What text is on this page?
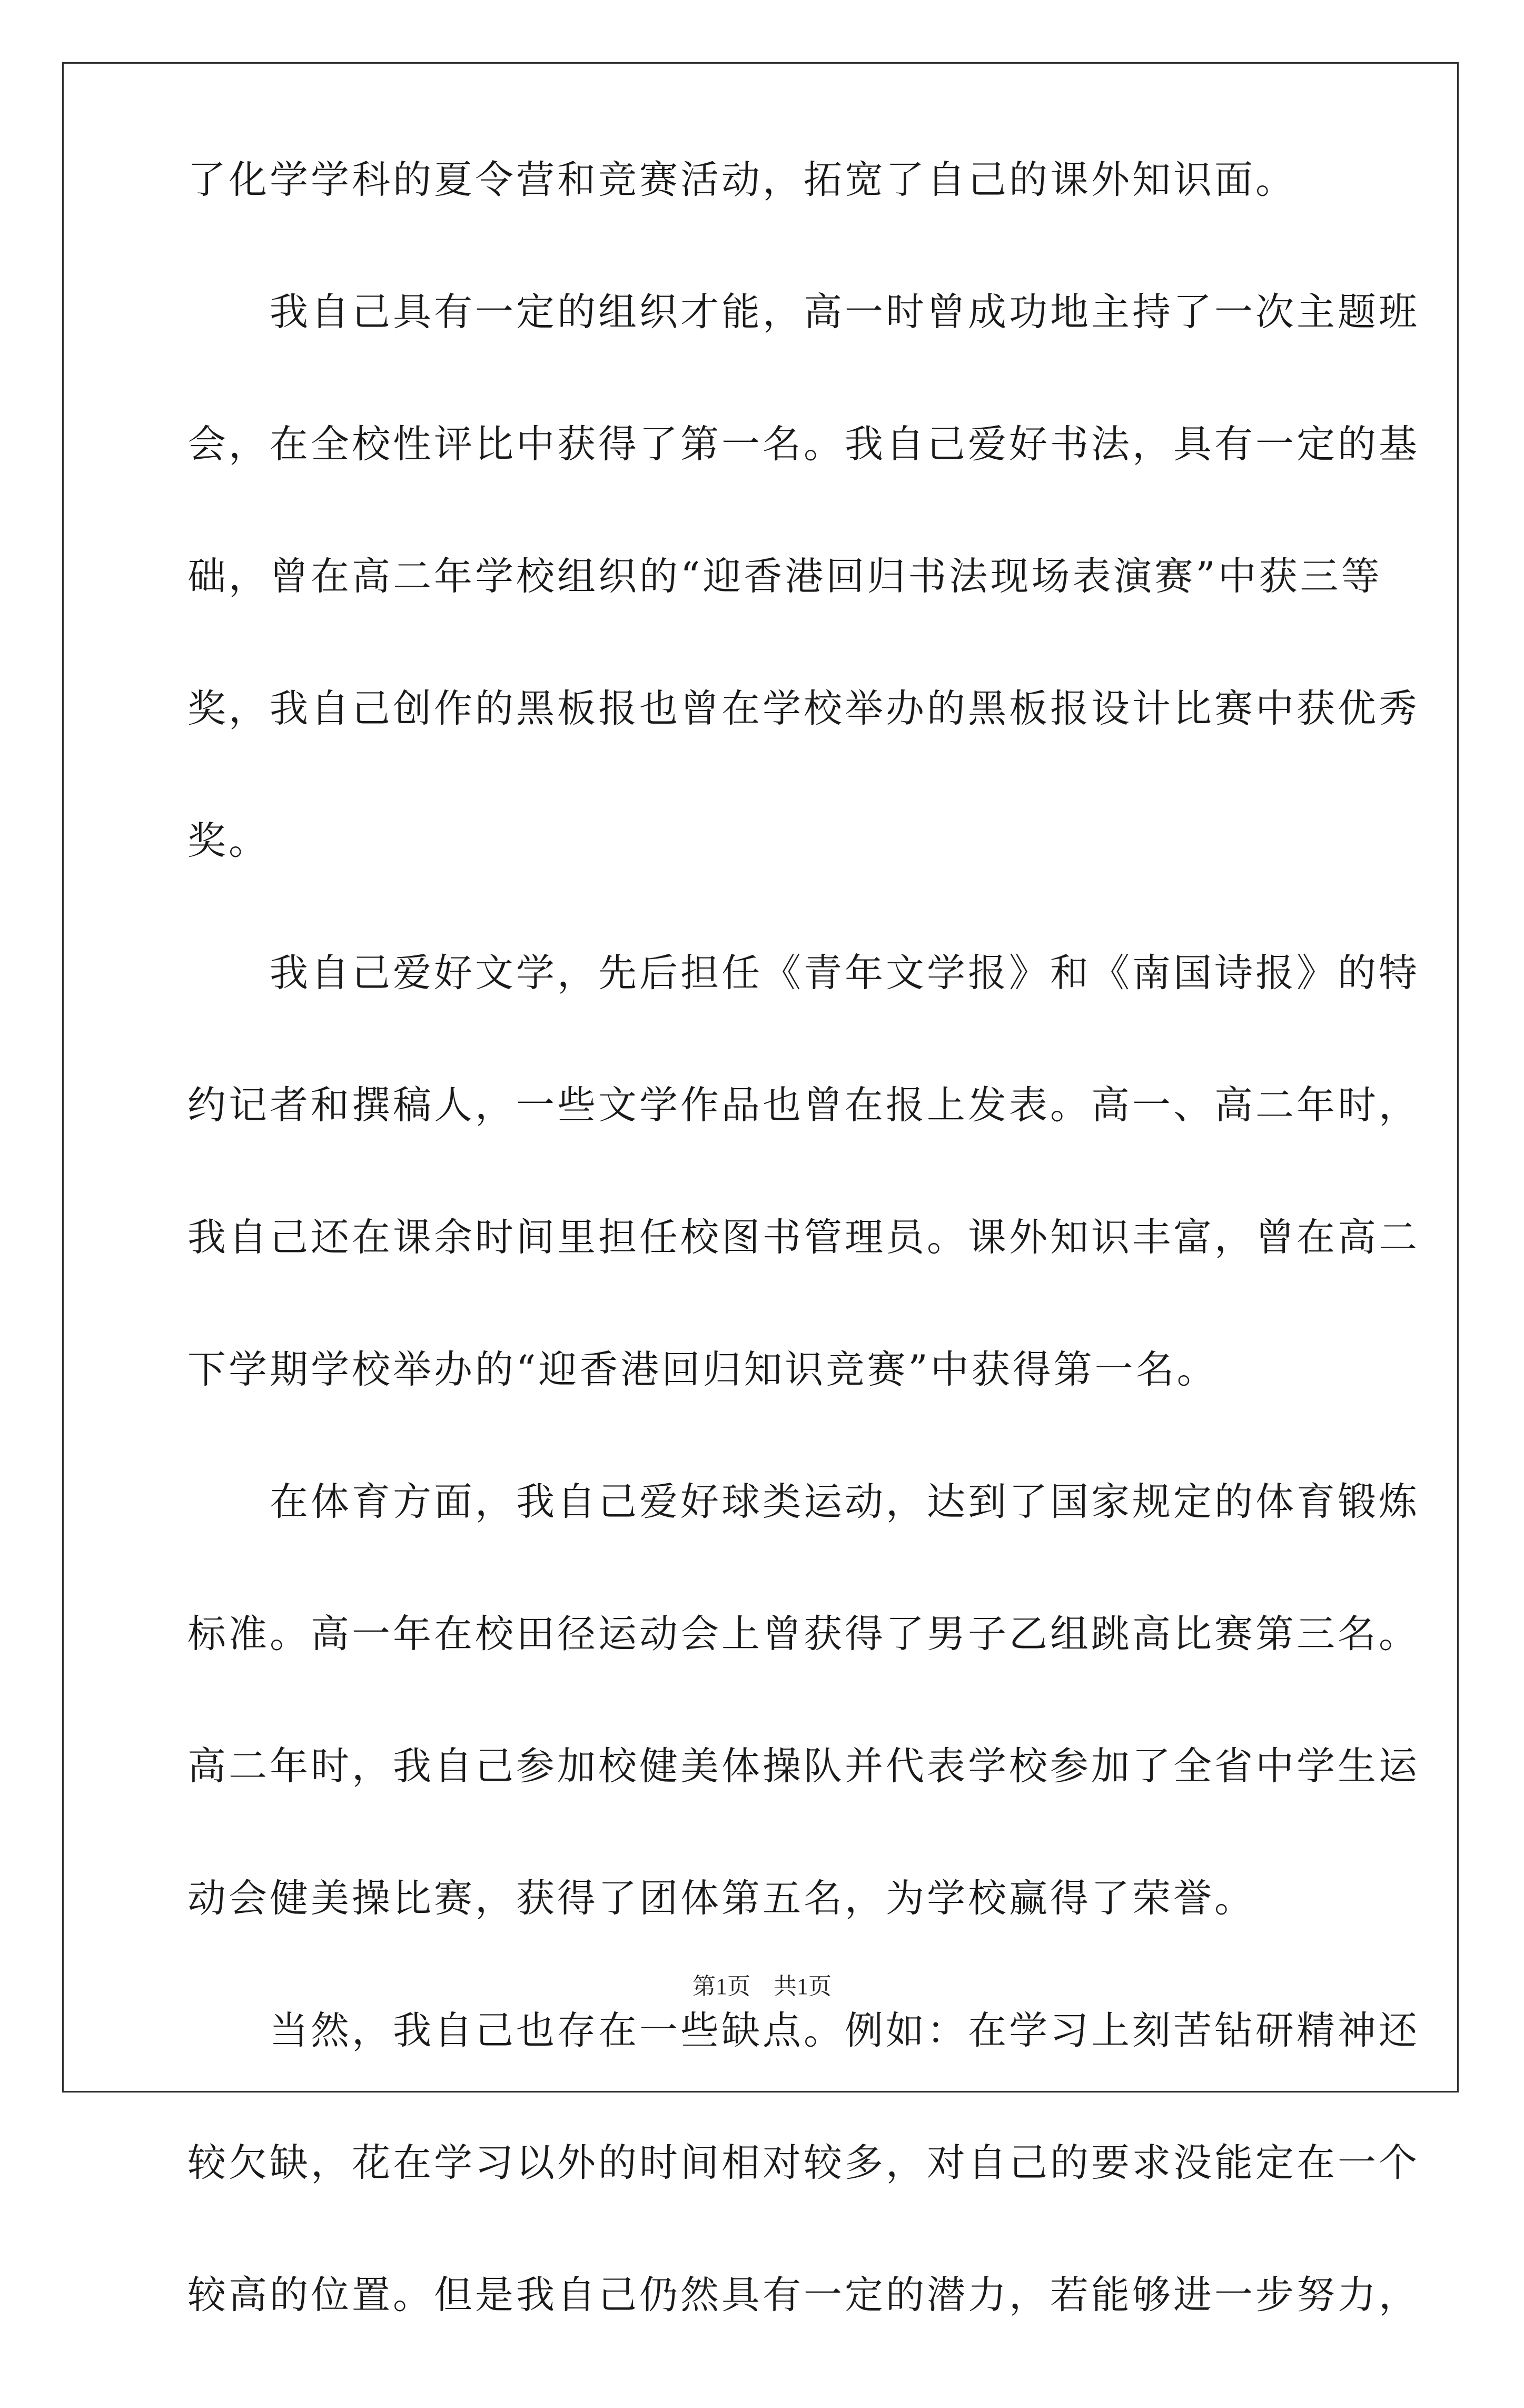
了化学学科的夏令营和竞赛活动，拓宽了自己的课外知识面。
　　我自己具有一定的组织才能，高一时曾成功地主持了一次主题班
会，在全校性评比中获得了第一名。我自己爱好书法，具有一定的基
础，曾在高二年学校组织的“迎香港回归书法现场表演赛”中获三等
奖，我自己创作的黑板报也曾在学校举办的黑板报设计比赛中获优秀
奖。
　　我自己爱好文学，先后担任《青年文学报》和《南国诗报》的特
约记者和撰稿人，一些文学作品也曾在报上发表。高一、高二年时，
我自己还在课余时间里担任校图书管理员。课外知识丰富，曾在高二
下学期学校举办的“迎香港回归知识竞赛”中获得第一名。
　　在体育方面，我自己爱好球类运动，达到了国家规定的体育锻炼
标准。高一年在校田径运动会上曾获得了男子乙组跳高比赛第三名。
高二年时，我自己参加校健美体操队并代表学校参加了全省中学生运
动会健美操比赛，获得了团体第五名，为学校赢得了荣誉。
　　当然，我自己也存在一些缺点。例如：在学习上刻苦钻研精神还
较欠缺，花在学习以外的时间相对较多，对自己的要求没能定在一个
较高的位置。但是我自己仍然具有一定的潜力，若能够进一步努力，
第1页　共1页
